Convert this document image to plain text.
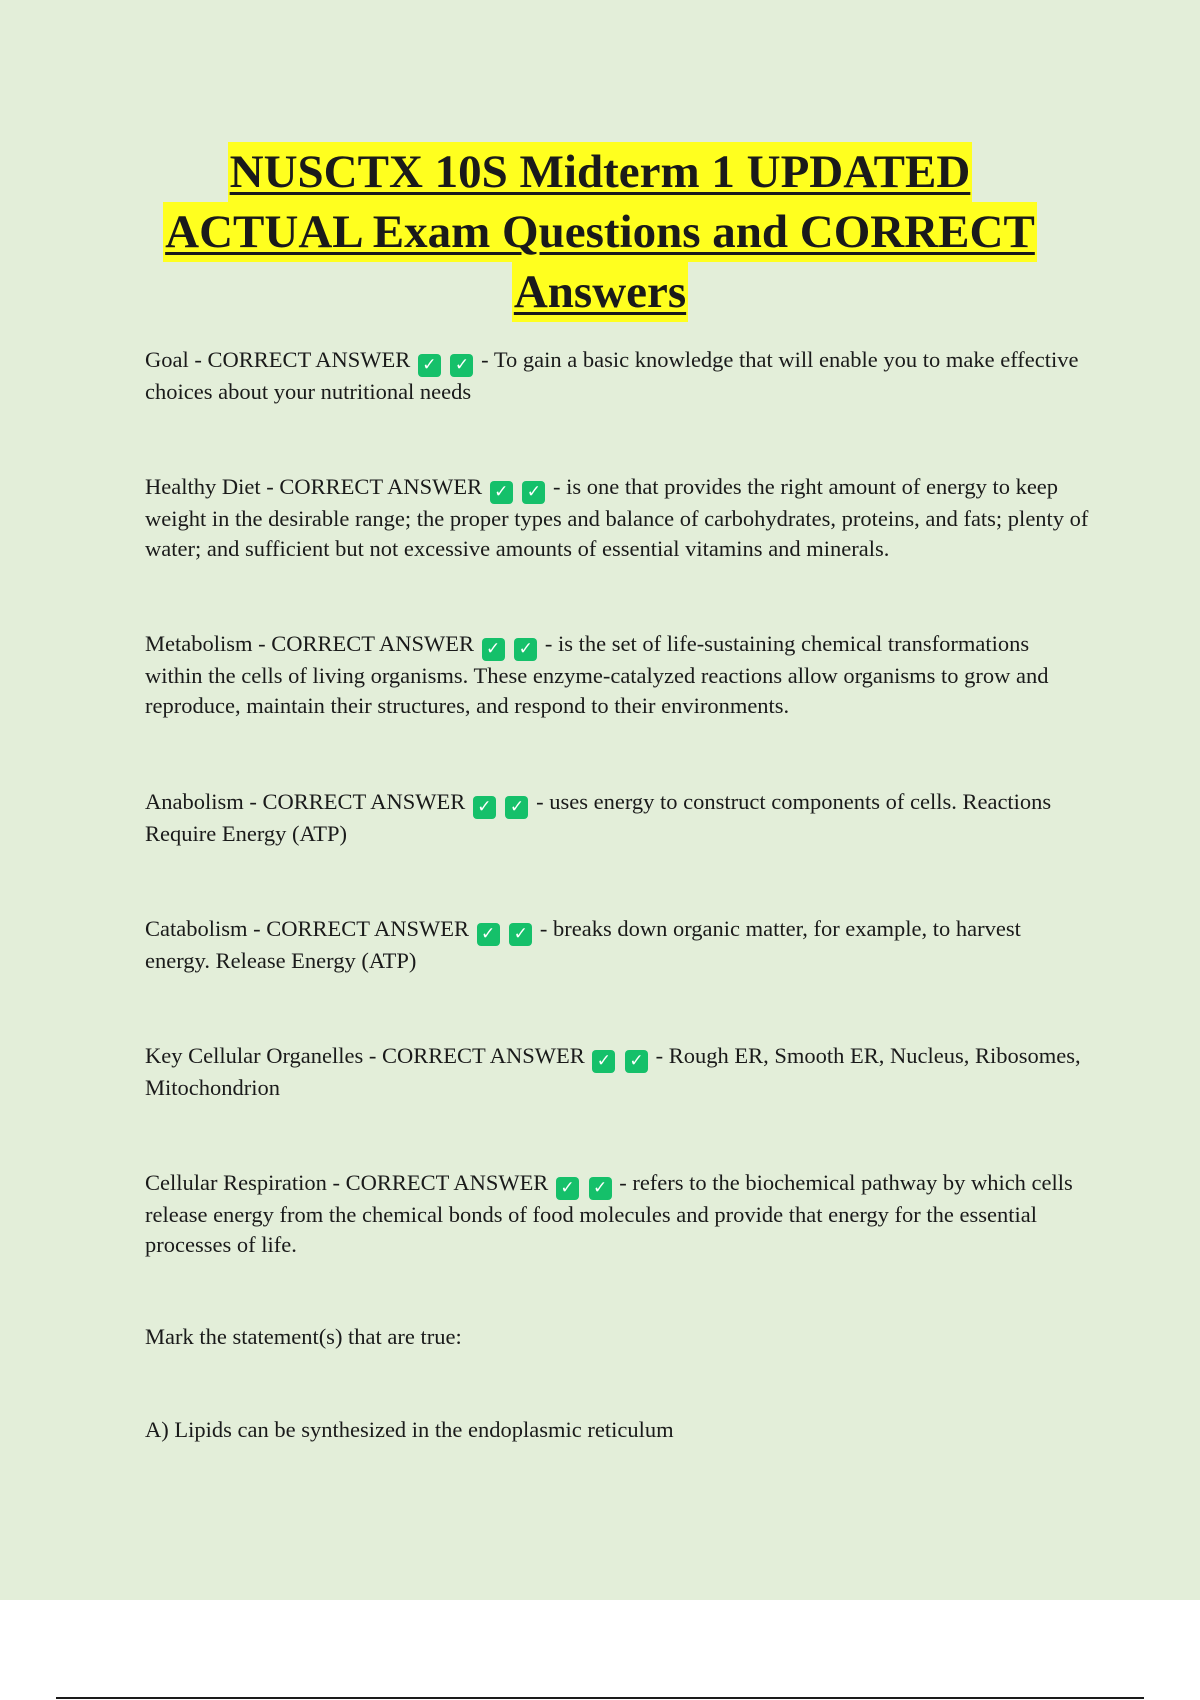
NUSCTX 10S Midterm 1 UPDATED
ACTUAL Exam Questions and CORRECT
Answers
Goal - CORRECT ANSWER ✓ ✓ - To gain a basic knowledge that will enable you to make effective choices about your nutritional needs
Healthy Diet - CORRECT ANSWER ✓ ✓ - is one that provides the right amount of energy to keep weight in the desirable range; the proper types and balance of carbohydrates, proteins, and fats; plenty of water; and sufficient but not excessive amounts of essential vitamins and minerals.
Metabolism - CORRECT ANSWER ✓ ✓ - is the set of life-sustaining chemical transformations within the cells of living organisms. These enzyme-catalyzed reactions allow organisms to grow and reproduce, maintain their structures, and respond to their environments.
Anabolism - CORRECT ANSWER ✓ ✓ - uses energy to construct components of cells. Reactions Require Energy (ATP)
Catabolism - CORRECT ANSWER ✓ ✓ - breaks down organic matter, for example, to harvest energy. Release Energy (ATP)
Key Cellular Organelles - CORRECT ANSWER ✓ ✓ - Rough ER, Smooth ER, Nucleus, Ribosomes, Mitochondrion
Cellular Respiration - CORRECT ANSWER ✓ ✓ - refers to the biochemical pathway by which cells release energy from the chemical bonds of food molecules and provide that energy for the essential processes of life.
Mark the statement(s) that are true:
A) Lipids can be synthesized in the endoplasmic reticulum
